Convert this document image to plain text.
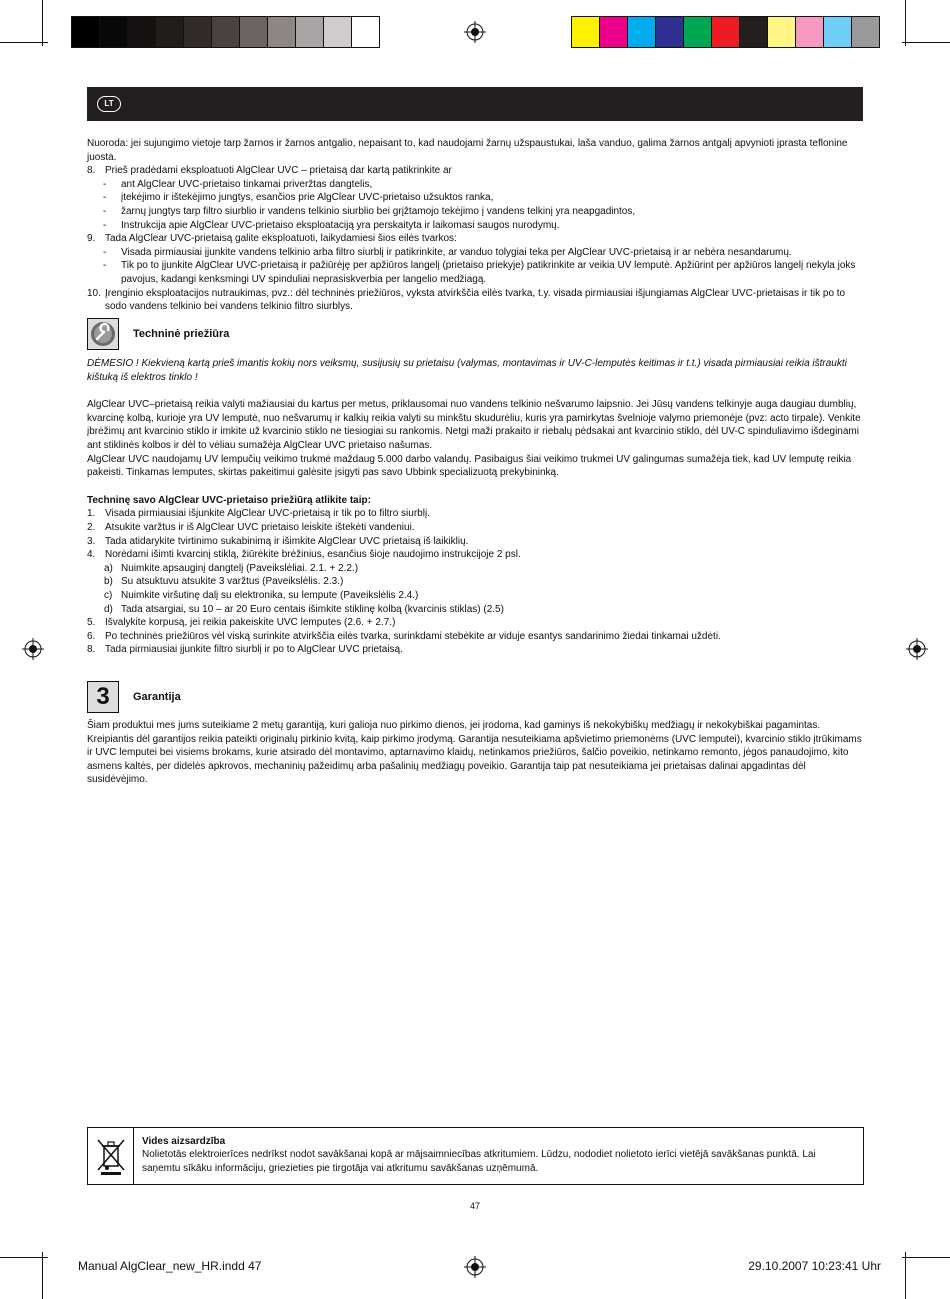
LT
Nuoroda: jei sujungimo vietoje tarp žarnos ir žarnos antgalio, nepaisant to, kad naudojami žarnų užspaustukai, laša vanduo, galima žarnos antgalį apvynioti įprasta teflonine juosta.
8. Prieš pradėdami eksploatuoti AlgClear UVC – prietaisą dar kartą patikrinkite ar
- ant AlgClear UVC-prietaiso tinkamai priveržtas dangtelis,
- įtekėjimo ir ištekėjimo jungtys, esančios prie AlgClear UVC-prietaiso užsuktos ranka,
- žarnų jungtys tarp filtro siurblio ir vandens telkinio siurblio bei grįžtamojo tekėjimo į vandens telkinį yra neapgadintos,
- Instrukcija apie AlgClear UVC-prietaiso eksploataciją yra perskaityta ir laikomasi saugos nurodymų.
9. Tada AlgClear UVC-prietaisą galite eksploatuoti, laikydamiesi šios eilės tvarkos:
- Visada pirmiausiai įjunkite vandens telkinio arba filtro siurblį ir patikrinkite, ar vanduo tolygiai teka per AlgClear UVC-prietaisą ir ar nebėra nesandarumų.
- Tik po to įjunkite AlgClear UVC-prietaisą ir pažiūrėję per apžiūros langelį (prietaiso priekyje) patikrinkite ar veikia UV lemputė. Apžiūrint per apžiūros langelį nekyla joks pavojus, kadangi kenksmingi UV spinduliai neprasiskverbia per langelio medžiagą.
10. Įrenginio eksploatacijos nutraukimas, pvz.: dėl techninės priežiūros, vyksta atvirkščia eilės tvarka, t.y. visada pirmiausiai išjungiamas AlgClear UVC-prietaisas ir tik po to sodo vandens telkinio bei vandens telkinio filtro siurblys.
Techninė priežiūra
DĖMESIO ! Kiekvieną kartą prieš imantis kokių nors veiksmų, susijusių su prietaisu (valymas, montavimas ir UV-C-lemputės keitimas ir t.t.) visada pirmiausiai reikia ištraukti kištuką iš elektros tinklo !
AlgClear UVC–prietaisą reikia valyti mažiausiai du kartus per metus, priklausomai nuo vandens telkinio nešvarumo laipsnio. Jei Jūsų vandens telkinyje auga daugiau dumblių, kvarcinę kolbą, kurioje yra UV lemputė, nuo nešvarumų ir kalkių reikia valyti su minkštu skudurėliu, kuris yra pamirkytas švelnioje valymo priemonėje (pvz: acto tirpale). Venkite įbrėžimų ant kvarcinio stiklo ir imkite už kvarcinio stiklo ne tiesiogiai su rankomis. Netgi maži prakaito ir riebalų pėdsakai ant kvarcinio stiklo, dėl UV-C spinduliavimo išdeginami ant stiklinės kolbos ir dėl to vėliau sumažėja AlgClear UVC prietaiso našumas.
AlgClear UVC naudojamų UV lempučių veikimo trukmė maždaug 5.000 darbo valandų. Pasibaigus šiai veikimo trukmei UV galingumas sumažėja tiek, kad UV lemputę reikia pakeisti. Tinkamas lemputes, skirtas pakeitimui galėsite įsigyti pas savo Ubbink specializuotą prekybininką.
Techninę savo AlgClear UVC-prietaiso priežiūrą atlikite taip:
1. Visada pirmiausiai išjunkite AlgClear UVC-prietaisą ir tik po to filtro siurblį.
2. Atsukite varžtus ir iš AlgClear UVC prietaiso leiskite ištekėti vandeniui.
3. Tada atidarykite tvirtinimo sukabinimą ir išimkite AlgClear UVC prietaisą iš laikiklių.
4. Norėdami išimti kvarcinį stiklą, žiūrėkite brėžinius, esančius šioje naudojimo instrukcijoje 2 psl.
a) Nuimkite apsauginį dangtelį (Paveikslėliai. 2.1. + 2.2.)
b) Su atsuktuvu atsukite 3 varžtus (Paveikslėlis. 2.3.)
c) Nuimkite viršutinę dalį su elektronika, su lempute (Paveikslėlis 2.4.)
d) Tada atsargiai, su 10 – ar 20 Euro centais išimkite stiklinę kolbą (kvarcinis stiklas) (2.5)
5. Išvalykite korpusą, jei reikia pakeiskite UVC lemputes (2.6. + 2.7.)
6. Po techninės priežiūros vėl viską surinkite atvirkščia eilės tvarka, surinkdami stebėkite ar viduje esantys sandarinimo žiedai tinkamai uždėti.
8. Tada pirmiausiai įjunkite filtro siurblį ir po to AlgClear UVC prietaisą.
3 Garantija
Šiam produktui mes jums suteikiame 2 metų garantiją, kuri galioja nuo pirkimo dienos, jei įrodoma, kad gaminys iš nekokybiškų medžiagų ir nekokybiškai pagamintas. Kreipiantis dėl garantijos reikia pateikti originalų pirkinio kvitą, kaip pirkimo įrodymą. Garantija nesuteikiama apšvietimo priemonėms (UVC lemputei), kvarcinio stiklo įtrūkimams ir UVC lemputei bei visiems brokams, kurie atsirado dėl montavimo, aptarnavimo klaidų, netinkamos priežiūros, šalčio poveikio, netinkamo remonto, jėgos panaudojimo, kito asmens kaltės, per didelės apkrovos, mechaninių pažeidimų arba pašalinių medžiagų poveikio. Garantija taip pat nesuteikiama jei prietaisas dalinai apgadintas dėl susidėvėjimo.
Vides aizsardzība
Nolietotās elektroierīces nedrīkst nodot savākšanai kopā ar mājsaimniecības atkritumiem. Lūdzu, nododiet nolietoto ierīci vietējā savākšanas punktā. Lai saņemtu sīkāku informāciju, griezieties pie tirgotāja vai atkritumu savākšanas uzņēmumā.
47
Manual AlgClear_new_HR.indd 47	29.10.2007 10:23:41 Uhr
